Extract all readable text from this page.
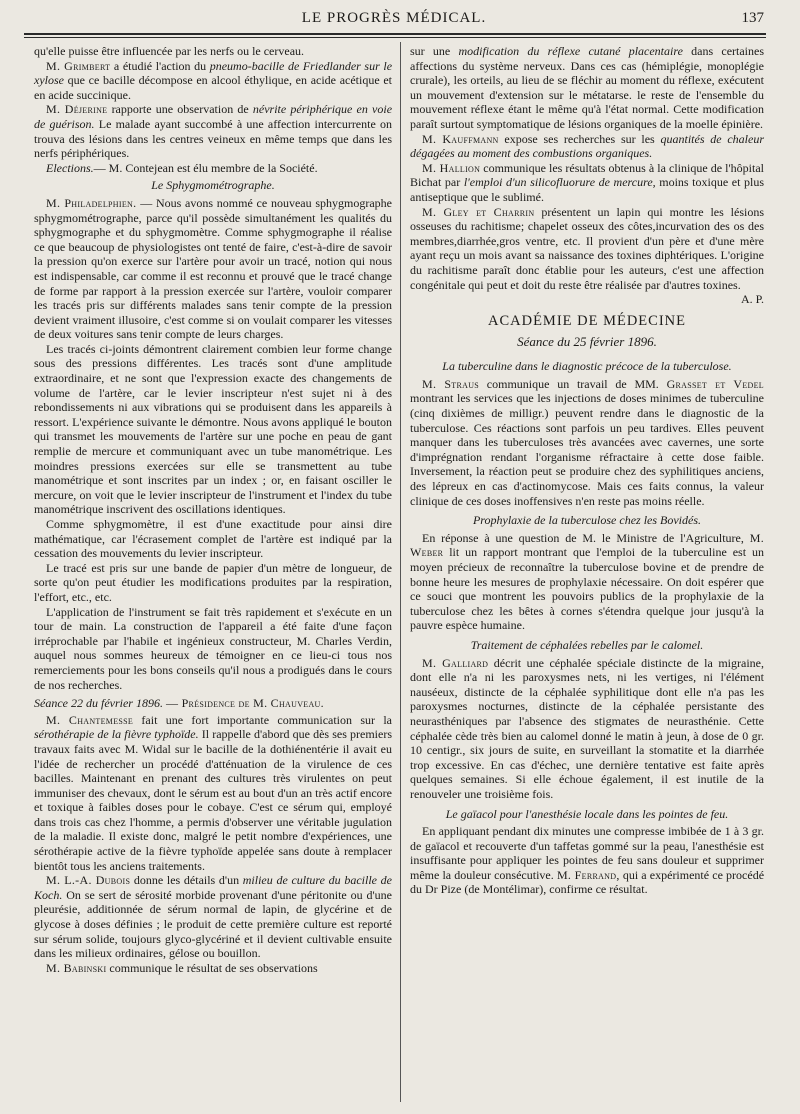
LE PROGRÈS MÉDICAL.	137

qu'elle puisse être influencée par les nerfs ou le cerveau.

M. Grimbert a étudié l'action du pneumo-bacille de Friedlander sur le xylose que ce bacille décompose en alcool éthylique, en acide acétique et en acide succinique.

M. Déjerine rapporte une observation de névrite périphérique en voie de guérison. Le malade ayant succombé à une affection intercurrente on trouva des lésions dans les centres veineux en même temps que dans les nerfs périphériques.

Elections.— M. Contejean est élu membre de la Société.

Le Sphygmométrographe.

M. Philadelphien. — Nous avons nommé ce nouveau sphygmographe sphygmométrographe, parce qu'il possède simultanément les qualités du sphygmographe et du sphygmomètre. Comme sphygmographe il réalise ce que beaucoup de physiologistes ont tenté de faire, c'est-à-dire de savoir la pression qu'on exerce sur l'artère pour avoir un tracé, notion qui nous est indispensable, car comme il est reconnu et prouvé que le tracé change de forme par rapport à la pression exercée sur l'artère, vouloir comparer les tracés pris sur différents malades sans tenir compte de la pression devient vraiment illusoire, c'est comme si on voulait comparer les vitesses de deux voitures sans tenir compte de leurs charges.

Les tracés ci-joints démontrent clairement combien leur forme change sous des pressions différentes. Les tracés sont d'une amplitude extraordinaire, et ne sont que l'expression exacte des changements de volume de l'artère, car le levier inscripteur n'est sujet ni à des rebondissements ni aux vibrations qui se produisent dans les appareils à ressort. L'expérience suivante le démontre. Nous avons appliqué le bouton qui transmet les mouvements de l'artère sur une poche en peau de gant remplie de mercure et communiquant avec un tube manométrique. Les moindres pressions exercées sur elle se transmettent au tube manométrique et sont inscrites par un index ; or, en faisant osciller le mercure, on voit que le levier inscripteur de l'instrument et l'index du tube manométrique inscrivent des oscillations identiques.

Comme sphygmomètre, il est d'une exactitude pour ainsi dire mathématique, car l'écrasement complet de l'artère est indiqué par la cessation des mouvements du levier inscripteur.

Le tracé est pris sur une bande de papier d'un mètre de longueur, de sorte qu'on peut étudier les modifications produites par la respiration, l'effort, etc., etc.

L'application de l'instrument se fait très rapidement et s'exécute en un tour de main. La construction de l'appareil a été faite d'une façon irréprochable par l'habile et ingénieux constructeur, M. Charles Verdin, auquel nous sommes heureux de témoigner en ce lieu-ci tous nos remerciements pour les bons conseils qu'il nous a prodigués dans le cours de nos recherches.

Séance 22 du février 1896. — Présidence de M. Chauveau.

M. Chantemesse fait une fort importante communication sur la sérothérapie de la fièvre typhoïde. Il rappelle d'abord que dès ses premiers travaux faits avec M. Widal sur le bacille de la dothiénentérie il avait eu l'idée de rechercher un procédé d'atténuation de la virulence de ces bacilles. Maintenant en prenant des cultures très virulentes on peut immuniser des chevaux, dont le sérum est au bout d'un an très actif encore et toxique à faibles doses pour le cobaye. C'est ce sérum qui, employé dans trois cas chez l'homme, a permis d'observer une véritable jugulation de la maladie. Il existe donc, malgré le petit nombre d'expériences, une sérothérapie active de la fièvre typhoïde appelée sans doute à remplacer bientôt tous les anciens traitements.

M. L.-A. Dubois donne les détails d'un milieu de culture du bacille de Koch. On se sert de sérosité morbide provenant d'une péritonite ou d'une pleurésie, additionnée de sérum normal de lapin, de glycérine et de glycose à doses définies ; le produit de cette première culture est reporté sur sérum solide, toujours glyco-glycériné et il devient cultivable ensuite dans les milieux ordinaires, gélose ou bouillon.

M. Babinski communique le résultat de ses observations

sur une modification du réflexe cutané placentaire dans certaines affections du système nerveux. Dans ces cas (hémiplégie, monoplégie crurale), les orteils, au lieu de se fléchir au moment du réflexe, exécutent un mouvement d'extension sur le métatarse. le reste de l'ensemble du mouvement réflexe étant le même qu'à l'état normal. Cette modification paraît surtout symptomatique de lésions organiques de la moelle épinière.

M. Kauffmann expose ses recherches sur les quantités de chaleur dégagées au moment des combustions organiques.

M. Hallion communique les résultats obtenus à la clinique de l'hôpital Bichat par l'emploi d'un silicofluorure de mercure, moins toxique et plus antiseptique que le sublimé.

M. Gley et Charrin présentent un lapin qui montre les lésions osseuses du rachitisme; chapelet osseux des côtes,incurvation des os des membres,diarrhée,gros ventre, etc. Il provient d'un père et d'une mère ayant reçu un mois avant sa naissance des toxines diphtériques. L'origine du rachitisme paraît donc établie pour les auteurs, c'est une affection congénitale qui peut et doit du reste être réalisée par d'autres toxines.
A. P.

ACADÉMIE DE MÉDECINE

Séance du 25 février 1896.

La tuberculine dans le diagnostic précoce de la tuberculose.

M. Straus communique un travail de MM. Grasset et Vedel montrant les services que les injections de doses minimes de tuberculine (cinq dixièmes de milligr.) peuvent rendre dans le diagnostic de la tuberculose. Ces réactions sont parfois un peu tardives. Elles peuvent manquer dans les tuberculoses très avancées avec cavernes, une sorte d'imprégnation rendant l'organisme réfractaire à cette dose faible. Inversement, la réaction peut se produire chez des syphilitiques anciens, des lépreux en cas d'actinomycose. Mais ces faits connus, la valeur clinique de ces doses inoffensives n'en reste pas moins réelle.

Prophylaxie de la tuberculose chez les Bovidés.

En réponse à une question de M. le Ministre de l'Agriculture, M. Weber lit un rapport montrant que l'emploi de la tuberculine est un moyen précieux de reconnaître la tuberculose bovine et de prendre de bonne heure les mesures de prophylaxie nécessaire. On doit espérer que ce souci que montrent les pouvoirs publics de la prophylaxie de la tuberculose chez les bêtes à cornes s'étendra quelque jour jusqu'à la pauvre espèce humaine.

Traitement de céphalées rebelles par le calomel.

M. Galliard décrit une céphalée spéciale distincte de la migraine, dont elle n'a ni les paroxysmes nets, ni les vertiges, ni l'élément nauséeux, distincte de la céphalée syphilitique dont elle n'a pas les paroxysmes nocturnes, distincte de la céphalée persistante des neurasthéniques par l'absence des stigmates de neurasthénie. Cette céphalée cède très bien au calomel donné le matin à jeun, à dose de 0 gr. 10 centigr., six jours de suite, en surveillant la stomatite et la diarrhée trop excessive. En cas d'échec, une dernière tentative est faite après quelques semaines. Si elle échoue également, il est inutile de la renouveler une troisième fois.

Le gaïacol pour l'anesthésie locale dans les pointes de feu.

En appliquant pendant dix minutes une compresse imbibée de 1 à 3 gr. de gaïacol et recouverte d'un taffetas gommé sur la peau, l'anesthésie est insuffisante pour appliquer les pointes de feu sans douleur et supprimer même la douleur consécutive. M. Ferrand, qui a expérimenté ce procédé du Dr Pize (de Montélimar), confirme ce résultat.
